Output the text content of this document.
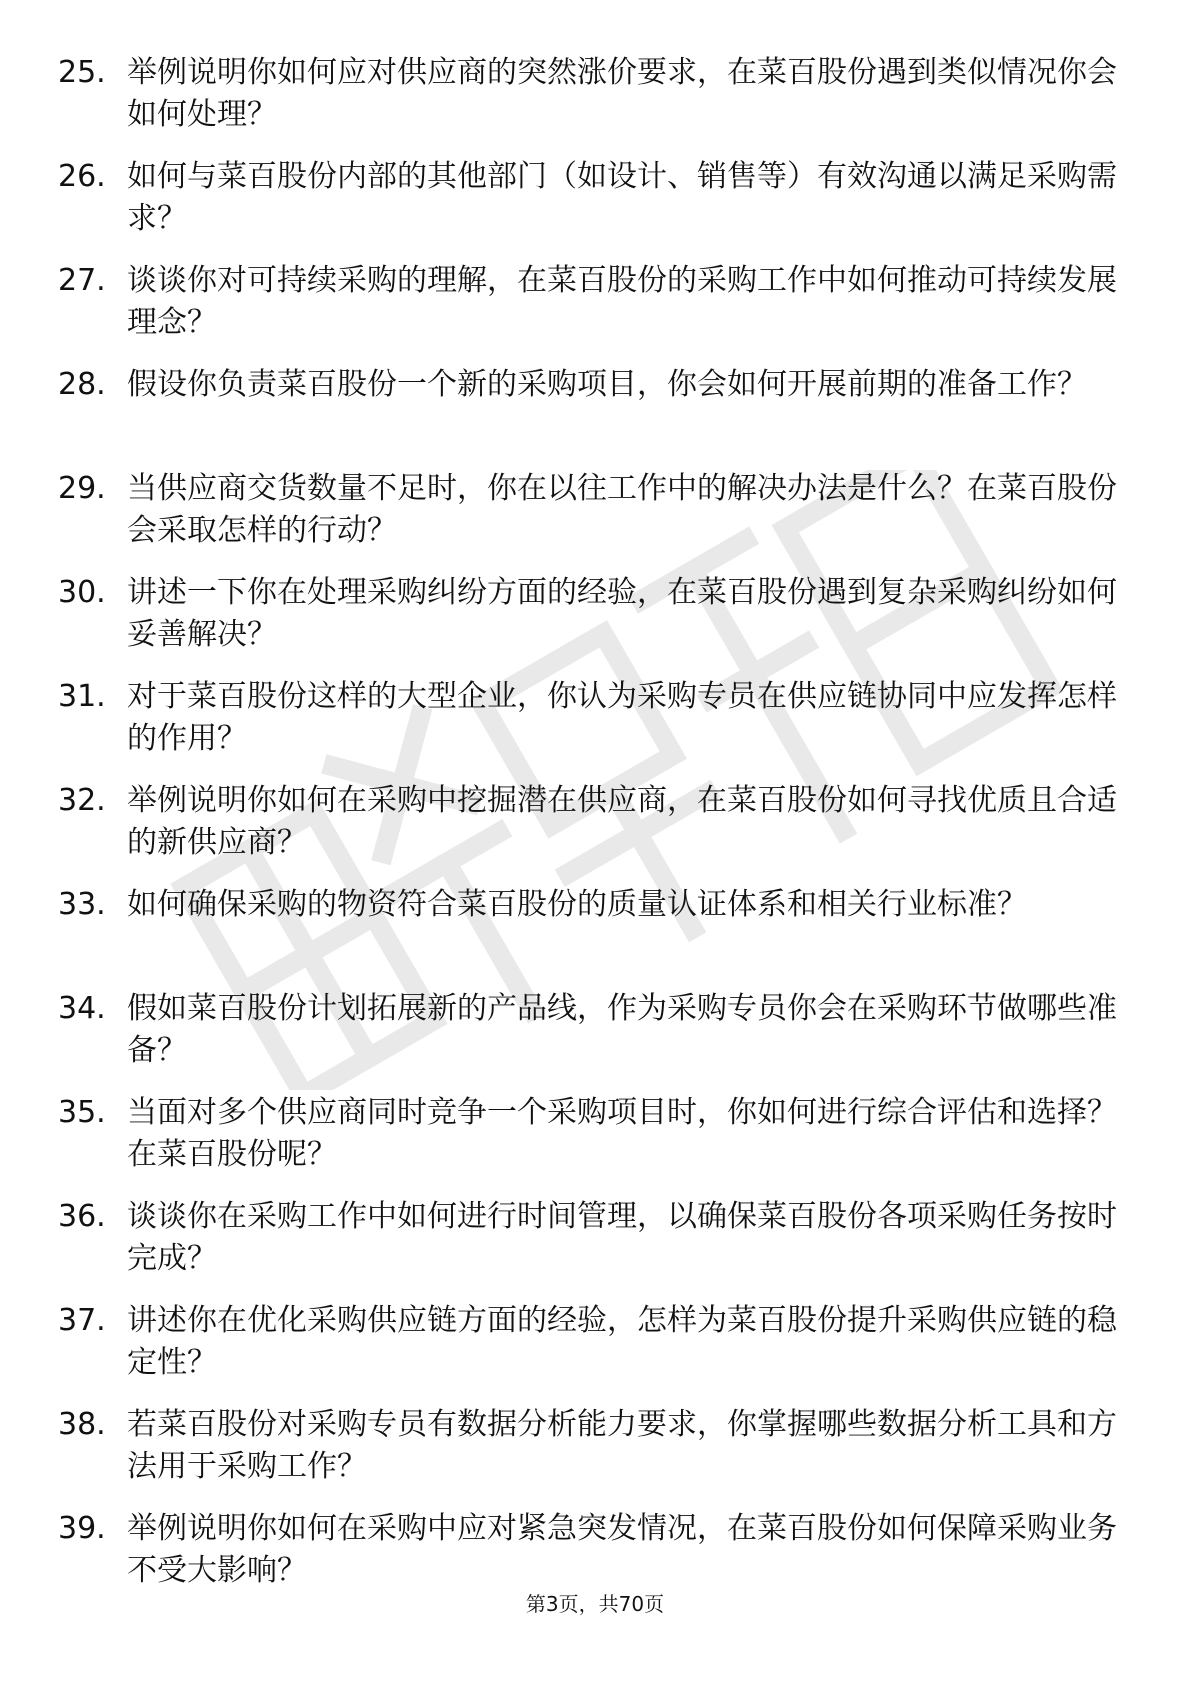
25. 举例说明你如何应对供应商的突然涨价要求，在菜百股份遇到类似情况你会如何处理？
26. 如何与菜百股份内部的其他部门（如设计、销售等）有效沟通以满足采购需求？
27. 谈谈你对可持续采购的理解，在菜百股份的采购工作中如何推动可持续发展理念？
28. 假设你负责菜百股份一个新的采购项目，你会如何开展前期的准备工作？
29. 当供应商交货数量不足时，你在以往工作中的解决办法是什么？在菜百股份会采取怎样的行动？
30. 讲述一下你在处理采购纠纷方面的经验，在菜百股份遇到复杂采购纠纷如何妥善解决？
31. 对于菜百股份这样的大型企业，你认为采购专员在供应链协同中应发挥怎样的作用？
32. 举例说明你如何在采购中挖掘潜在供应商，在菜百股份如何寻找优质且合适的新供应商？
33. 如何确保采购的物资符合菜百股份的质量认证体系和相关行业标准？
34. 假如菜百股份计划拓展新的产品线，作为采购专员你会在采购环节做哪些准备？
35. 当面对多个供应商同时竞争一个采购项目时，你如何进行综合评估和选择？在菜百股份呢？
36. 谈谈你在采购工作中如何进行时间管理，以确保菜百股份各项采购任务按时完成？
37. 讲述你在优化采购供应链方面的经验，怎样为菜百股份提升采购供应链的稳定性？
38. 若菜百股份对采购专员有数据分析能力要求，你掌握哪些数据分析工具和方法用于采购工作？
39. 举例说明你如何在采购中应对紧急突发情况，在菜百股份如何保障采购业务不受大影响？
第3页，共70页
